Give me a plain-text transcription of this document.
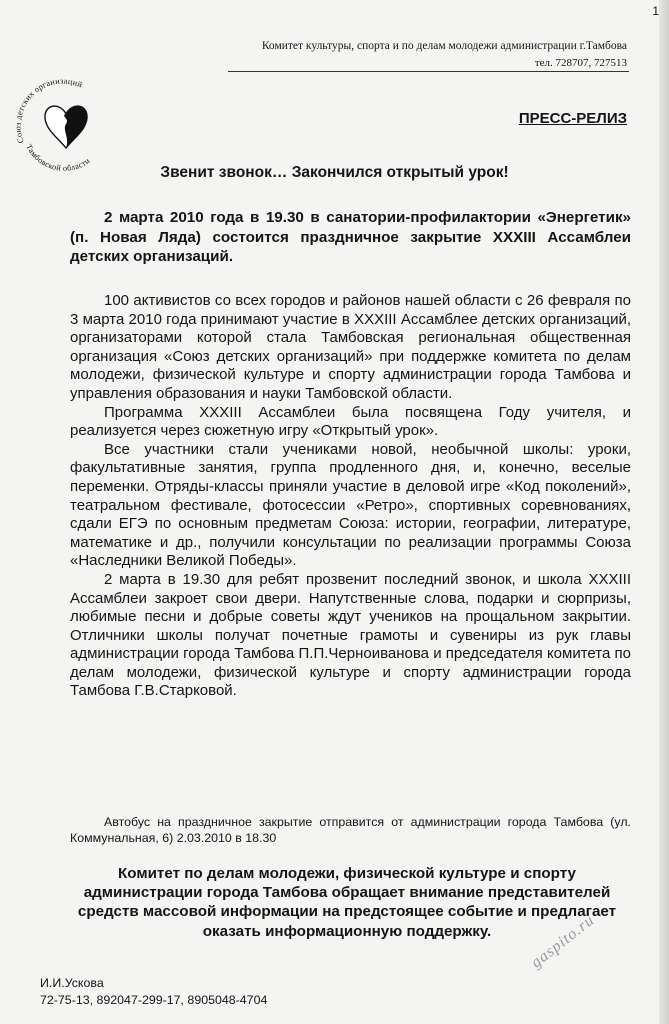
1
Комитет культуры, спорта и по делам молодежи администрации г.Тамбова
тел. 728707, 727513
Союз детских организаций
Тамбовской области
ПРЕСС-РЕЛИЗ
Звенит звонок… Закончился открытый урок!

2 марта 2010 года в 19.30 в санатории-профилактории «Энергетик» (п. Новая Ляда) состоится праздничное закрытие XXXIII Ассамблеи детских организаций.

100 активистов со всех городов и районов нашей области с 26 февраля по 3 марта 2010 года принимают участие в XXXIII Ассамблее детских организаций, организаторами которой стала Тамбовская региональная общественная организация «Союз детских организаций» при поддержке комитета по делам молодежи, физической культуре и спорту администрации города Тамбова и управления образования и науки Тамбовской области.

Программа XXXIII Ассамблеи была посвящена Году учителя, и реализуется через сюжетную игру «Открытый урок».

Все участники стали учениками новой, необычной школы: уроки, факультативные занятия, группа продленного дня, и, конечно, веселые переменки. Отряды-классы приняли участие в деловой игре «Код поколений», театральном фестивале, фотосессии «Ретро», спортивных соревнованиях, сдали ЕГЭ по основным предметам Союза: истории, географии, литературе, математике и др., получили консультации по реализации программы Союза «Наследники Великой Победы».

2 марта в 19.30 для ребят прозвенит последний звонок, и школа XXXIII Ассамблеи закроет свои двери. Напутственные слова, подарки и сюрпризы, любимые песни и добрые советы ждут учеников на прощальном закрытии. Отличники школы получат почетные грамоты и сувениры из рук главы администрации города Тамбова П.П.Черноиванова и председателя комитета по делам молодежи, физической культуре и спорту администрации города Тамбова Г.В.Старковой.

Автобус на праздничное закрытие отправится от администрации города Тамбова (ул. Коммунальная, 6) 2.03.2010 в 18.30

Комитет по делам молодежи, физической культуре и спорту администрации города Тамбова обращает внимание представителей средств массовой информации на предстоящее событие и предлагает оказать информационную поддержку.

И.И.Ускова
72-75-13, 892047-299-17, 8905048-4704
gaspito.ru
